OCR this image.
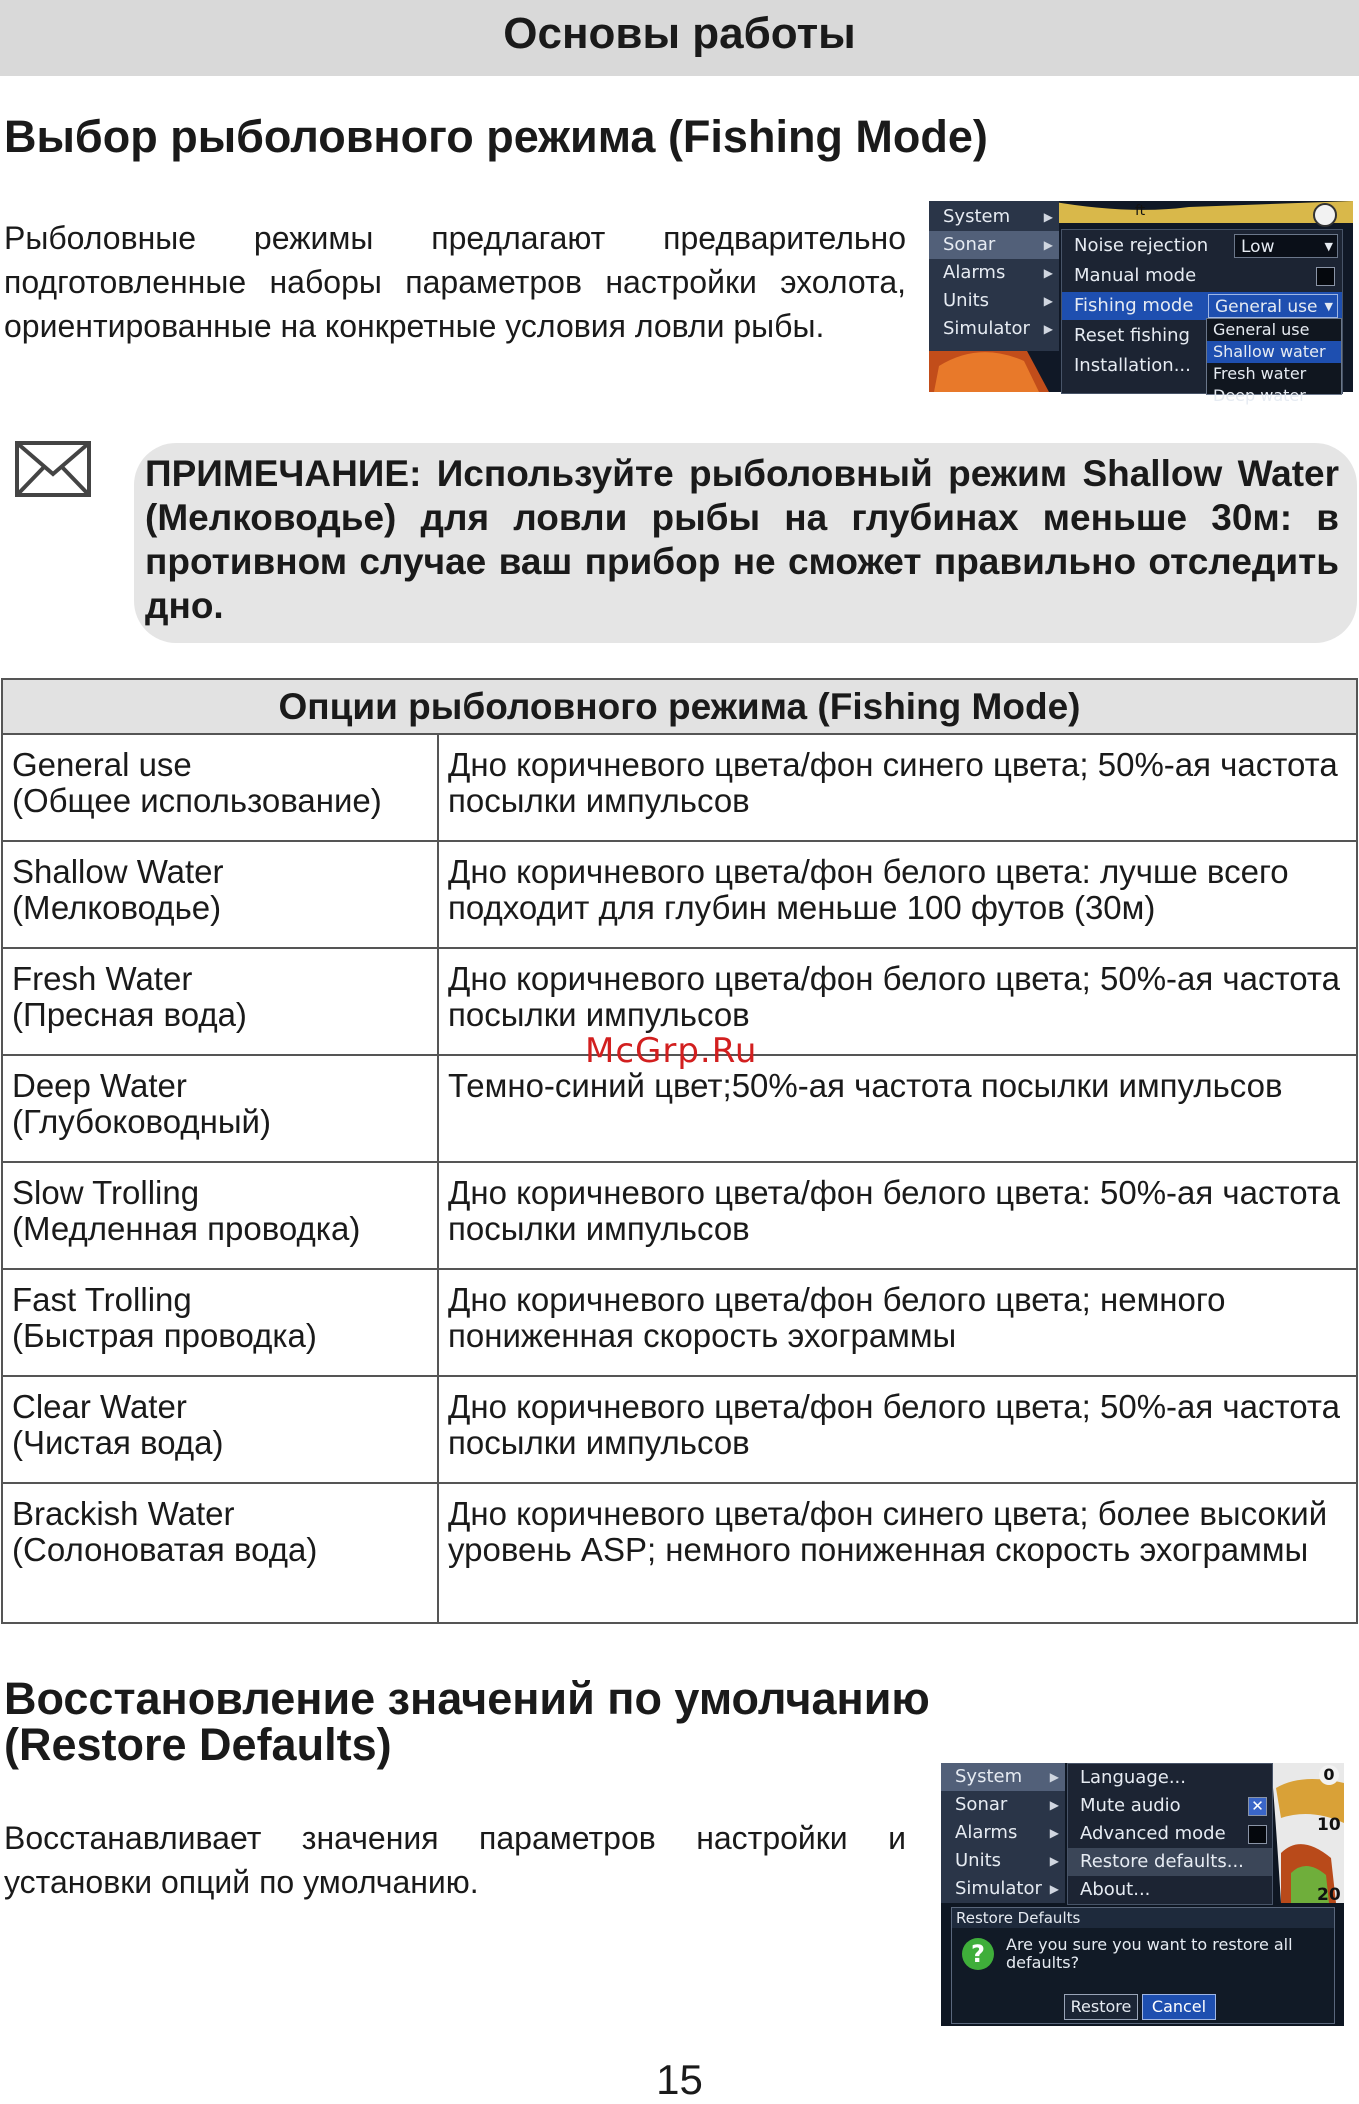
Основы работы
Выбор рыболовного режима (Fishing Mode)

Рыболовные режимы предлагают предварительно подготовленные наборы параметров настройки эхолота, ориентированные на конкретные условия ловли рыбы.

ft
System	▶
Sonar	▶
Alarms	▶
Units	▶
Simulator ▶
Noise rejection	Low	▼
Manual mode
Fishing mode	General use ▼
Reset fishing
Installation...
General use
Shallow water
Fresh water
Deep water

ПРИМЕЧАНИЕ: Используйте рыболовный режим Shallow Water (Мелководье) для ловли рыбы на глубинах меньше 30м: в противном случае ваш прибор не сможет правильно отследить дно.

Опции рыболовного режима (Fishing Mode)	

General use
(Общее использование)	Дно коричневого цвета/фон синего цвета; 50%-ая частота посылки импульсов

Shallow Water
(Мелководье)	Дно коричневого цвета/фон белого цвета: лучше всего подходит для глубин меньше 100 футов (30м)

Fresh Water
(Пресная вода)	Дно коричневого цвета/фон белого цвета; 50%-ая частота посылки импульсов

Deep Water
(Глубоководный)	Темно-синий цвет;50%-ая частота посылки импульсов

Slow Trolling
(Медленная проводка)	Дно коричневого цвета/фон белого цвета: 50%-ая частота посылки импульсов

Fast Trolling
(Быстрая проводка)	Дно коричневого цвета/фон белого цвета; немного пониженная скорость эхограммы

Clear Water
(Чистая вода)	Дно коричневого цвета/фон белого цвета; 50%-ая частота посылки импульсов

Brackish Water
(Солоноватая вода)	Дно коричневого цвета/фон синего цвета; более высокий уровень ASP; немного пониженная скорость эхограммы
McGrp.Ru
Восстановление значений по умолчанию
(Restore Defaults)

Восстанавливает значения параметров настройки и установки опций по умолчанию.

0
10
20
System ▶
Sonar	▶
Alarms	▶
Units	▶
Simulator ▶
Language...
Mute audio	✕
Advanced mode
Restore defaults...
About...
Restore Defaults
?	Are you sure you want to restore all defaults?
Restore	Cancel
15
